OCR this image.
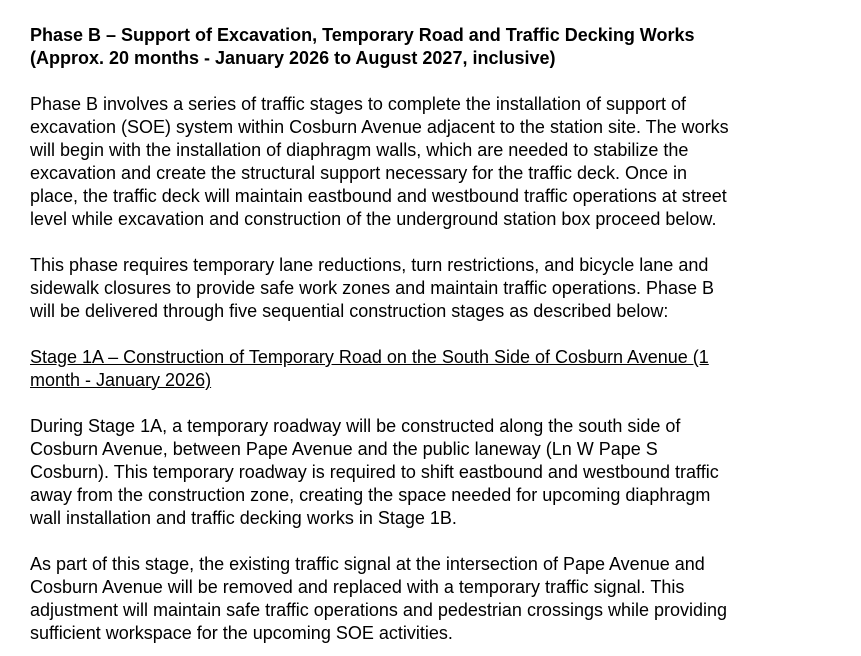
Phase B – Support of Excavation, Temporary Road and Traffic Decking Works
(Approx. 20 months - January 2026 to August 2027, inclusive)
Phase B involves a series of traffic stages to complete the installation of support of
excavation (SOE) system within Cosburn Avenue adjacent to the station site. The works
will begin with the installation of diaphragm walls, which are needed to stabilize the
excavation and create the structural support necessary for the traffic deck. Once in
place, the traffic deck will maintain eastbound and westbound traffic operations at street
level while excavation and construction of the underground station box proceed below.
This phase requires temporary lane reductions, turn restrictions, and bicycle lane and
sidewalk closures to provide safe work zones and maintain traffic operations. Phase B
will be delivered through five sequential construction stages as described below:
Stage 1A – Construction of Temporary Road on the South Side of Cosburn Avenue (1
month - January 2026)
During Stage 1A, a temporary roadway will be constructed along the south side of
Cosburn Avenue, between Pape Avenue and the public laneway (Ln W Pape S
Cosburn). This temporary roadway is required to shift eastbound and westbound traffic
away from the construction zone, creating the space needed for upcoming diaphragm
wall installation and traffic decking works in Stage 1B.
As part of this stage, the existing traffic signal at the intersection of Pape Avenue and
Cosburn Avenue will be removed and replaced with a temporary traffic signal. This
adjustment will maintain safe traffic operations and pedestrian crossings while providing
sufficient workspace for the upcoming SOE activities.
